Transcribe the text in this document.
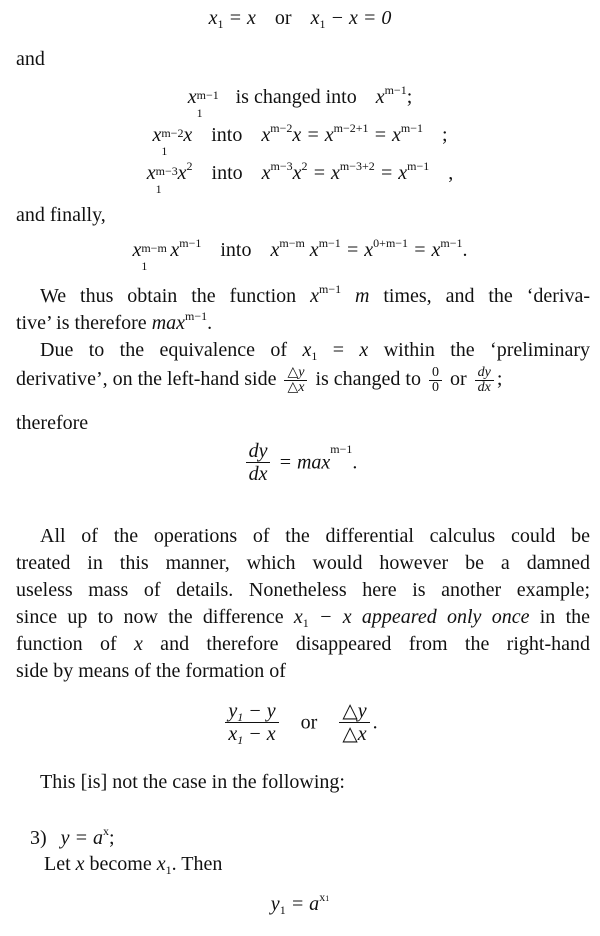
$x_1 = x$ or $x_1 - x = 0$
and
x m−1
1
is changed into $x^{m-1}$;
x m−2
1
x into $x^{m-2}x = x^{m-2+1} = x^{m-1}$ ;
x m−3
1
$x^2$ into $x^{m-3}x^2 = x^{m-3+2} = x^{m-1}$ ,
and finally,
x m−m
1
$x^{m-1}$ into $x^{m-m}$ $x^{m-1} = x^{0+m-1} = x^{m-1}$.
We thus obtain the function $x^{m-1}$ m times, and the ‘deriva-
tive’ is therefore $\max^{m-1}$.
Due to the equivalence of $x_1 = x$ within the ‘preliminary
derivative’, on the left-hand side $\frac{\triangle y}{\triangle x}$ is changed to $\frac{0}{0}$ or $\frac{dy}{dx}$ ;
therefore
$\frac{dy}{dx} = \max^{m-1}$.
All of the operations of the differential calculus could be
treated in this manner, which would however be a damned
useless mass of details. Nonetheless here is another example;
since up to now the difference $x_1 - x$ appeared only once in the
function of x and therefore disappeared from the right-hand
side by means of the formation of
$\frac{y_1 - y}{x_1 - x}$ or $\frac{\triangle y}{\triangle x}$ .
This [is] not the case in the following:
3) $y = a^x$;
Let x become $x_1$. Then
$y_1 = a^{x1}$
